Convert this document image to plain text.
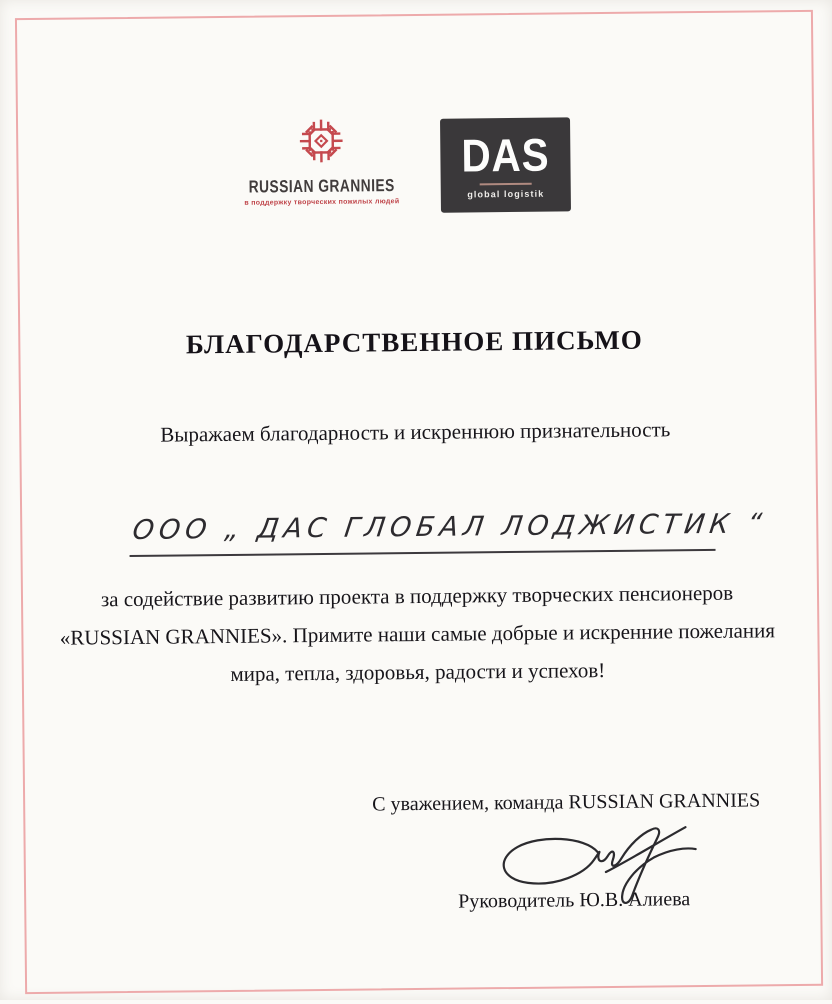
RUSSIAN GRANNIES
в поддержку творческих пожилых людей
DAS
global logistik
БЛАГОДАРСТВЕННОЕ ПИСЬМО
Выражаем благодарность и искреннюю признательность
ООО „ ДАС ГЛОБАЛ ЛОДЖИСТИК “
за содействие развитию проекта в поддержку творческих пенсионеров
«RUSSIAN GRANNIES». Примите наши самые добрые и искренние пожелания
мира, тепла, здоровья, радости и успехов!
С уважением, команда RUSSIAN GRANNIES
Руководитель Ю.В. Алиева
